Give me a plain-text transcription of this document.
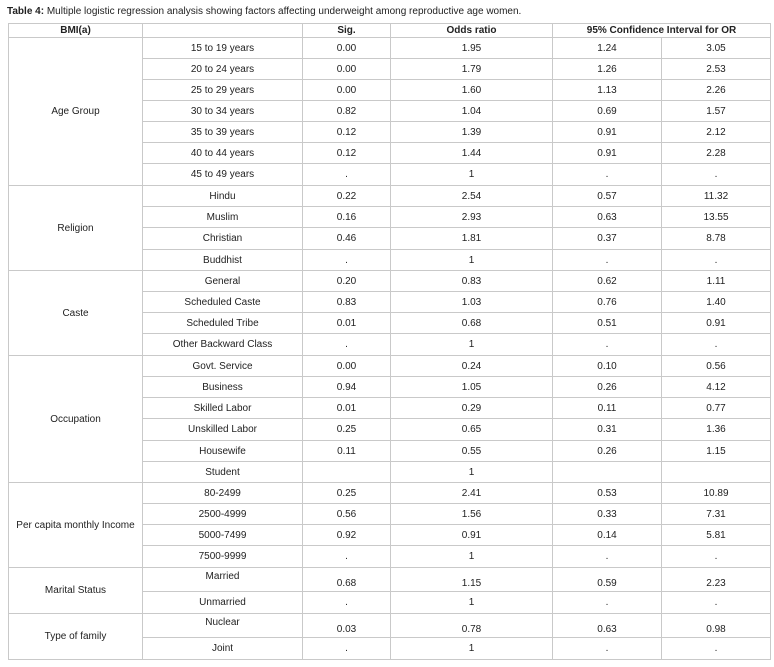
Table 4: Multiple logistic regression analysis showing factors affecting underweight among reproductive age women.
BMI(a)		Sig.	Odds ratio	95% Confidence Interval for OR	
Age Group	15 to 19 years	0.00	1.95	1.24	3.05
	20 to 24 years	0.00	1.79	1.26	2.53
	25 to 29 years	0.00	1.60	1.13	2.26
	30 to 34 years	0.82	1.04	0.69	1.57
	35 to 39 years	0.12	1.39	0.91	2.12
	40 to 44 years	0.12	1.44	0.91	2.28
	45 to 49 years	.	1	.	.
Religion	Hindu	0.22	2.54	0.57	11.32
	Muslim	0.16	2.93	0.63	13.55
	Christian	0.46	1.81	0.37	8.78
	Buddhist	.	1	.	.
Caste	General	0.20	0.83	0.62	1.11
	Scheduled Caste	0.83	1.03	0.76	1.40
	Scheduled Tribe	0.01	0.68	0.51	0.91
	Other Backward Class	.	1	.	.
Occupation	Govt. Service	0.00	0.24	0.10	0.56
	Business	0.94	1.05	0.26	4.12
	Skilled Labor	0.01	0.29	0.11	0.77
	Unskilled Labor	0.25	0.65	0.31	1.36
	Housewife	0.11	0.55	0.26	1.15
	Student		1		
Per capita monthly Income	80-2499	0.25	2.41	0.53	10.89
	2500-4999	0.56	1.56	0.33	7.31
	5000-7499	0.92	0.91	0.14	5.81
	7500-9999	.	1	.	.
Marital Status	Married	0.68	1.15	0.59	2.23
	Unmarried	.	1	.	.
Type of family	Nuclear	0.03	0.78	0.63	0.98
	Joint	.	1	.	.
